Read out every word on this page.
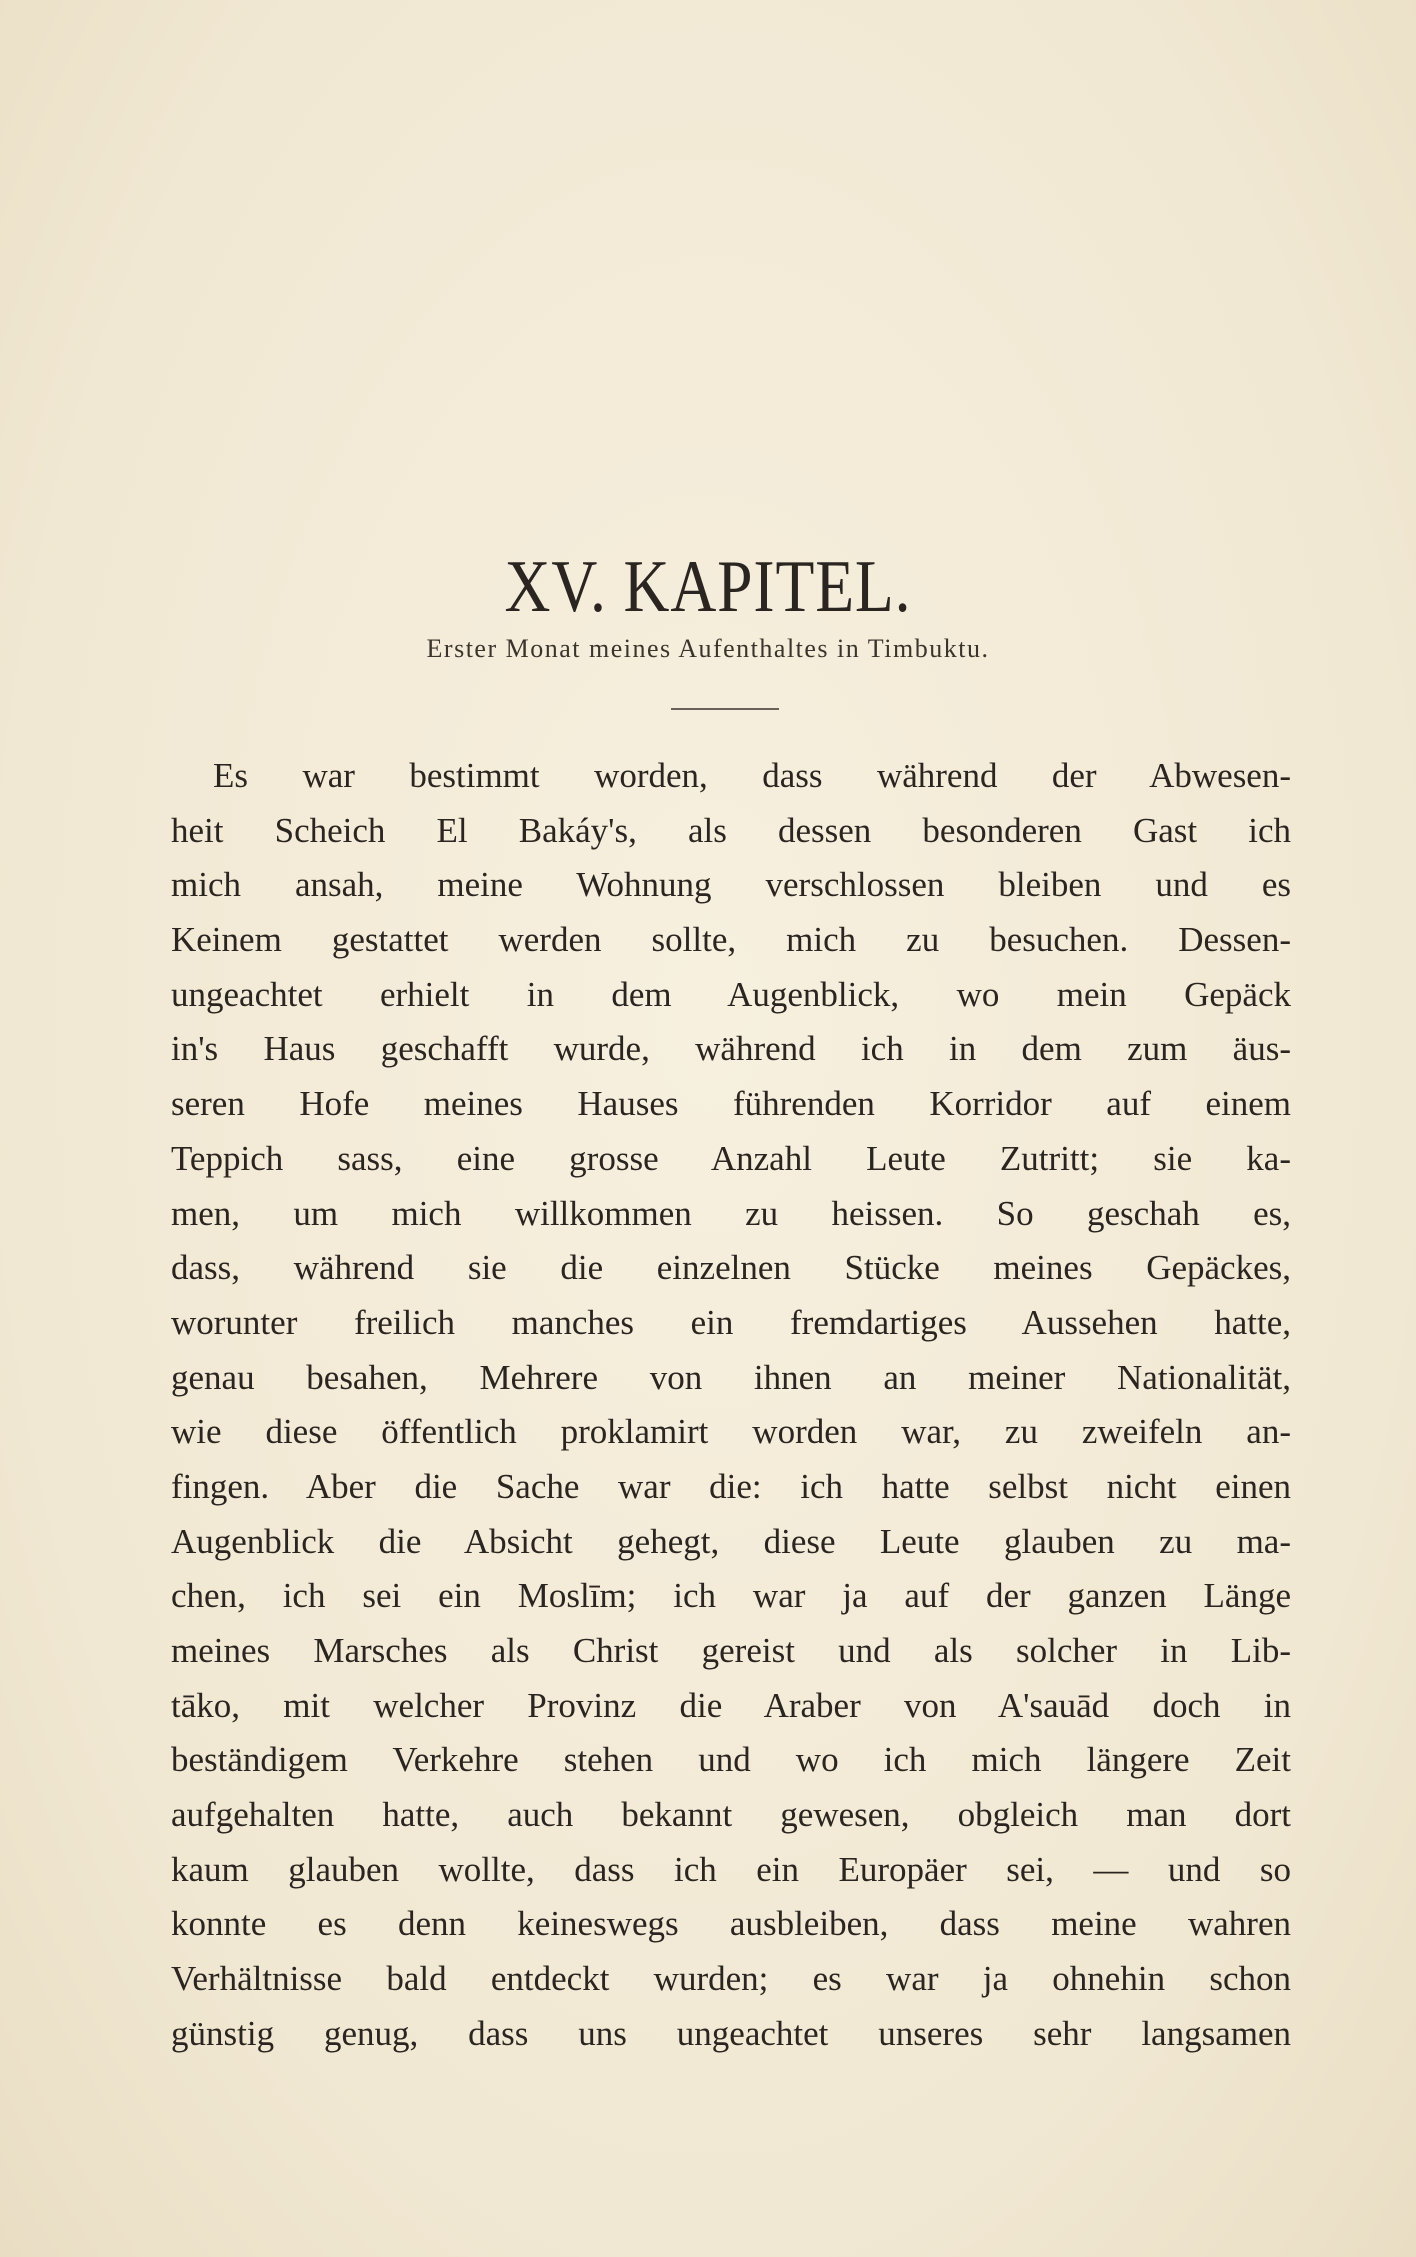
XV. KAPITEL.
Erster Monat meines Aufenthaltes in Timbuktu.
Es war bestimmt worden, dass während der Abwesen-
heit Scheich El Bakáy's, als dessen besonderen Gast ich
mich ansah, meine Wohnung verschlossen bleiben und es
Keinem gestattet werden sollte, mich zu besuchen. Dessen-
ungeachtet erhielt in dem Augenblick, wo mein Gepäck
in's Haus geschafft wurde, während ich in dem zum äus-
seren Hofe meines Hauses führenden Korridor auf einem
Teppich sass, eine grosse Anzahl Leute Zutritt; sie ka-
men, um mich willkommen zu heissen. So geschah es,
dass, während sie die einzelnen Stücke meines Gepäckes,
worunter freilich manches ein fremdartiges Aussehen hatte,
genau besahen, Mehrere von ihnen an meiner Nationalität,
wie diese öffentlich proklamirt worden war, zu zweifeln an-
fingen. Aber die Sache war die: ich hatte selbst nicht einen
Augenblick die Absicht gehegt, diese Leute glauben zu ma-
chen, ich sei ein Moslīm; ich war ja auf der ganzen Länge
meines Marsches als Christ gereist und als solcher in Lib-
tāko, mit welcher Provinz die Araber von A'sauād doch in
beständigem Verkehre stehen und wo ich mich längere Zeit
aufgehalten hatte, auch bekannt gewesen, obgleich man dort
kaum glauben wollte, dass ich ein Europäer sei, — und so
konnte es denn keineswegs ausbleiben, dass meine wahren
Verhältnisse bald entdeckt wurden; es war ja ohnehin schon
günstig genug, dass uns ungeachtet unseres sehr langsamen
